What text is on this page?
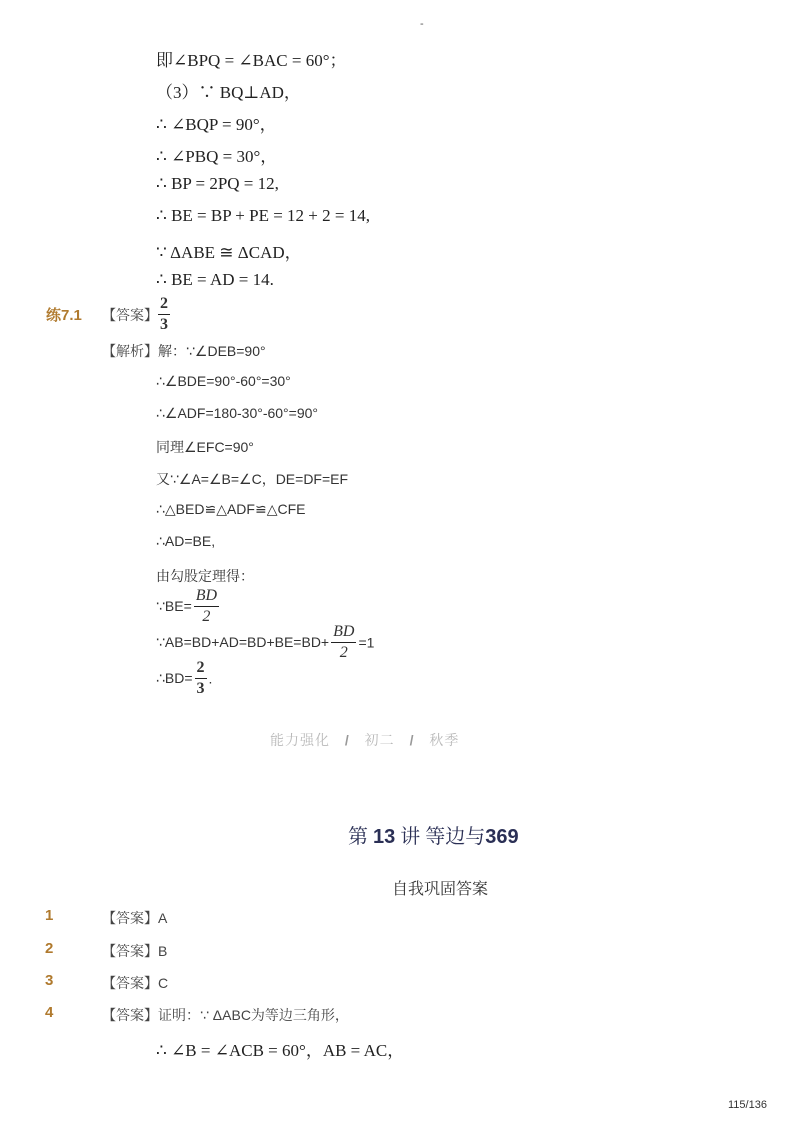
-
即∠BPQ = ∠BAC = 60°；
（3）∵ BQ⊥AD，
∴ ∠BQP = 90°，
∴ ∠PBQ = 30°，
∴ BP = 2PQ = 12,
∴ BE = BP + PE = 12 + 2 = 14,
∵ ΔABE ≅ ΔCAD，
∴ BE = AD = 14.
练7.1 【答案】 $\frac{2}{3}$
【解析】 解：∵∠DEB=90°
∴∠BDE=90°-60°=30°
∴∠ADF=180-30°-60°=90°
同理∠EFC=90°
又∵∠A=∠B=∠C，DE=DF=EF
∴△BED≌△ADF≌△CFE
∴AD=BE,
由勾股定理得：
∵BE= $\frac{BD}{2}$
∵AB=BD+AD=BD+BE=BD+ $\frac{BD}{2} =1$
∴BD= $\frac{2}{3}$ .
能力强化 / 初二 / 秋季
第 13 讲 等边与369
自我巩固答案
1	【答案】A
2	【答案】B
3	【答案】C
4	【答案】证明：∵ ΔABC为等边三角形，
∴ ∠B = ∠ACB = 60°，AB = AC，
115/136
